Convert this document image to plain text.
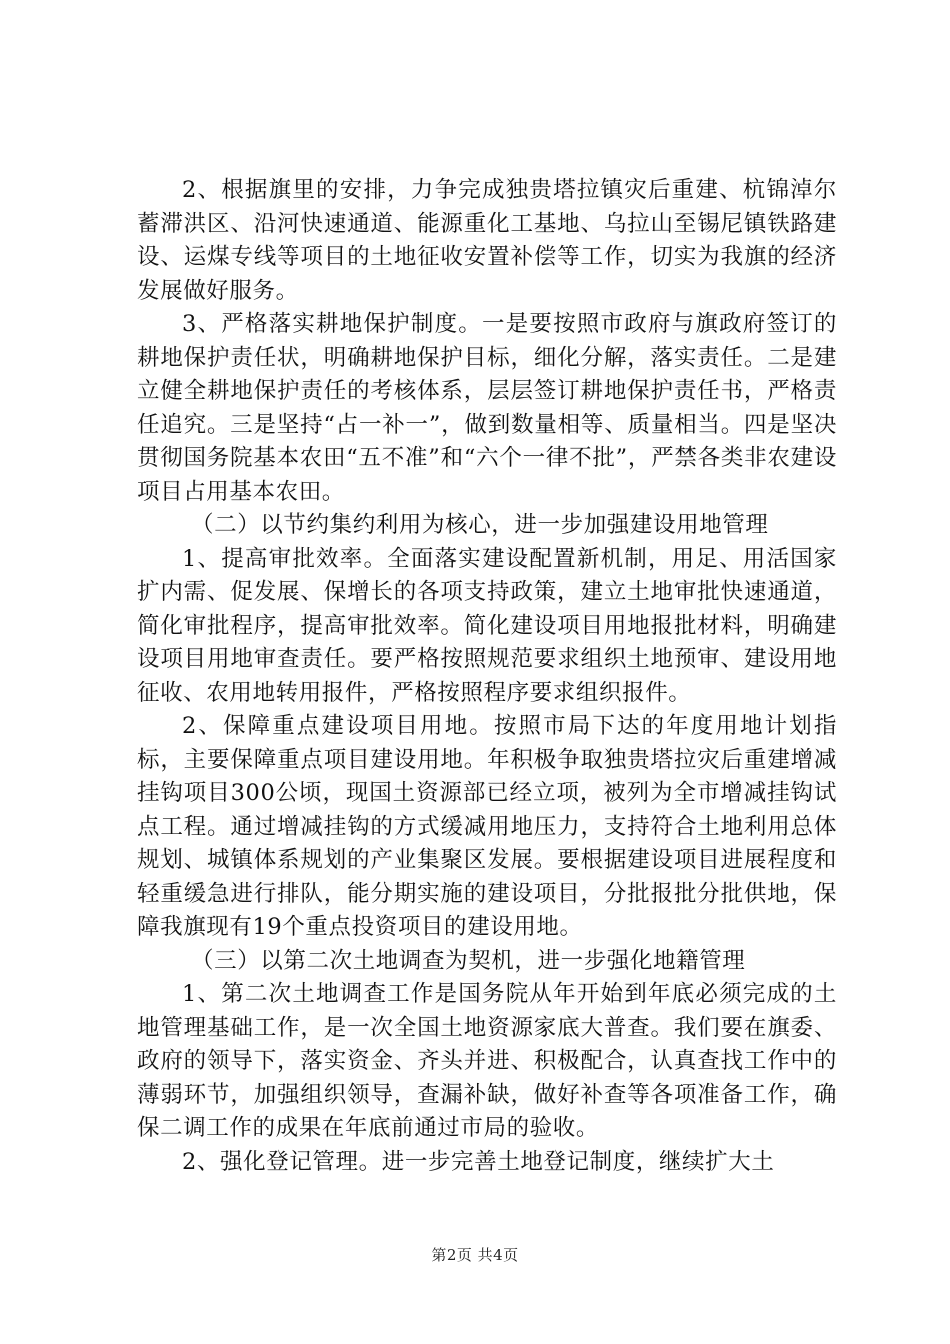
2、根据旗里的安排，力争完成独贵塔拉镇灾后重建、杭锦淖尔蓄滞洪区、沿河快速通道、能源重化工基地、乌拉山至锡尼镇铁路建设、运煤专线等项目的土地征收安置补偿等工作，切实为我旗的经济发展做好服务。

3、严格落实耕地保护制度。一是要按照市政府与旗政府签订的耕地保护责任状，明确耕地保护目标，细化分解，落实责任。二是建立健全耕地保护责任的考核体系，层层签订耕地保护责任书，严格责任追究。三是坚持“占一补一”，做到数量相等、质量相当。四是坚决贯彻国务院基本农田“五不准”和“六个一律不批”，严禁各类非农建设项目占用基本农田。

（二）以节约集约利用为核心，进一步加强建设用地管理

1、提高审批效率。全面落实建设配置新机制，用足、用活国家扩内需、促发展、保增长的各项支持政策，建立土地审批快速通道，简化审批程序，提高审批效率。简化建设项目用地报批材料，明确建设项目用地审查责任。要严格按照规范要求组织土地预审、建设用地征收、农用地转用报件，严格按照程序要求组织报件。

2、保障重点建设项目用地。按照市局下达的年度用地计划指标，主要保障重点项目建设用地。年积极争取独贵塔拉灾后重建增减挂钩项目300公顷，现国土资源部已经立项，被列为全市增减挂钩试点工程。通过增减挂钩的方式缓减用地压力，支持符合土地利用总体规划、城镇体系规划的产业集聚区发展。要根据建设项目进展程度和轻重缓急进行排队，能分期实施的建设项目，分批报批分批供地，保障我旗现有19个重点投资项目的建设用地。

（三）以第二次土地调查为契机，进一步强化地籍管理

1、第二次土地调查工作是国务院从年开始到年底必须完成的土地管理基础工作，是一次全国土地资源家底大普查。我们要在旗委、政府的领导下，落实资金、齐头并进、积极配合，认真查找工作中的薄弱环节，加强组织领导，查漏补缺，做好补查等各项准备工作，确保二调工作的成果在年底前通过市局的验收。

2、强化登记管理。进一步完善土地登记制度，继续扩大土

第2页 共4页
